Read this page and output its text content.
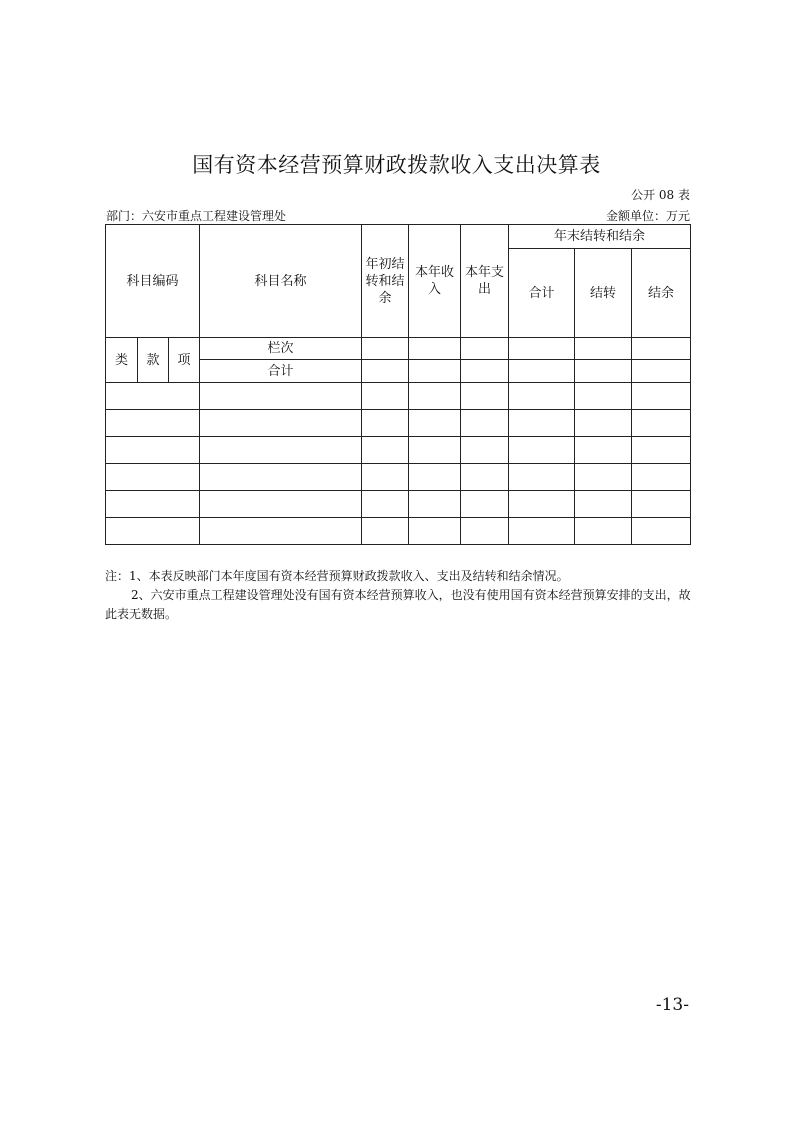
国有资本经营预算财政拨款收入支出决算表
公开 08 表
部门：六安市重点工程建设管理处	金额单位：万元
科目编码			科目名称	年初结转和结余	本年收入	本年支出	年末结转和结余		
							合计	结转	结余
类	款	项	栏次						
			合计						

注：1、本表反映部门本年度国有资本经营预算财政拨款收入、支出及结转和结余情况。

2、六安市重点工程建设管理处没有国有资本经营预算收入，也没有使用国有资本经营预算安排的支出，故此表无数据。

-13-
